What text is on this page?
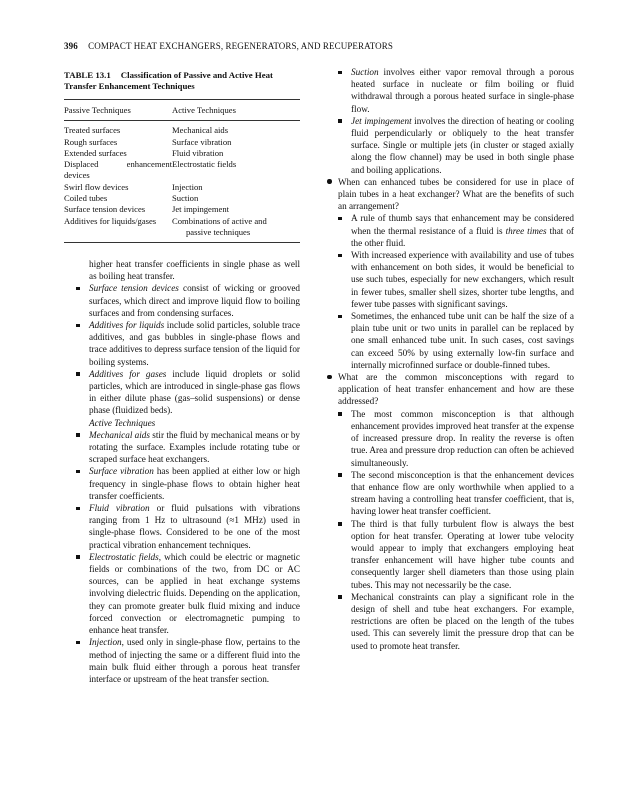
396 COMPACT HEAT EXCHANGERS, REGENERATORS, AND RECUPERATORS
TABLE 13.1 Classification of Passive and Active Heat
Transfer Enhancement Techniques
Passive Techniques	Active Techniques
Treated surfaces	Mechanical aids
Rough surfaces	Surface vibration
Extended surfaces	Fluid vibration
Displaced enhancement devices	Electrostatic fields
Swirl flow devices	Injection
Coiled tubes	Suction
Surface tension devices	Jet impingement
Additives for liquids/gases	Combinations of active and
passive techniques
higher heat transfer coefficients in single phase as well as boiling heat transfer.
Surface tension devices consist of wicking or grooved surfaces, which direct and improve liquid flow to boiling surfaces and from condensing surfaces.
Additives for liquids include solid particles, soluble trace additives, and gas bubbles in single-phase flows and trace additives to depress surface tension of the liquid for boiling systems.
Additives for gases include liquid droplets or solid particles, which are introduced in single-phase gas flows in either dilute phase (gas–solid suspensions) or dense phase (fluidized beds).
Active Techniques
Mechanical aids stir the fluid by mechanical means or by rotating the surface. Examples include rotating tube or scraped surface heat exchangers.
Surface vibration has been applied at either low or high frequency in single-phase flows to obtain higher heat transfer coefficients.
Fluid vibration or fluid pulsations with vibrations ranging from 1 Hz to ultrasound (≈1 MHz) used in single-phase flows. Considered to be one of the most practical vibration enhancement techniques.
Electrostatic fields, which could be electric or magnetic fields or combinations of the two, from DC or AC sources, can be applied in heat exchange systems involving dielectric fluids. Depending on the application, they can promote greater bulk fluid mixing and induce forced convection or electromagnetic pumping to enhance heat transfer.
Injection, used only in single-phase flow, pertains to the method of injecting the same or a different fluid into the main bulk fluid either through a porous heat transfer interface or upstream of the heat transfer section.
Suction involves either vapor removal through a porous heated surface in nucleate or film boiling or fluid withdrawal through a porous heated surface in single-phase flow.
Jet impingement involves the direction of heating or cooling fluid perpendicularly or obliquely to the heat transfer surface. Single or multiple jets (in cluster or staged axially along the flow channel) may be used in both single phase and boiling applications.
When can enhanced tubes be considered for use in place of plain tubes in a heat exchanger? What are the benefits of such an arrangement?
A rule of thumb says that enhancement may be considered when the thermal resistance of a fluid is three times that of the other fluid.
With increased experience with availability and use of tubes with enhancement on both sides, it would be beneficial to use such tubes, especially for new exchangers, which result in fewer tubes, smaller shell sizes, shorter tube lengths, and fewer tube passes with significant savings.
Sometimes, the enhanced tube unit can be half the size of a plain tube unit or two units in parallel can be replaced by one small enhanced tube unit. In such cases, cost savings can exceed 50% by using externally low-fin surface and internally microfinned surface or double-finned tubes.
What are the common misconceptions with regard to application of heat transfer enhancement and how are these addressed?
The most common misconception is that although enhancement provides improved heat transfer at the expense of increased pressure drop. In reality the reverse is often true. Area and pressure drop reduction can often be achieved simultaneously.
The second misconception is that the enhancement devices that enhance flow are only worthwhile when applied to a stream having a controlling heat transfer coefficient, that is, having lower heat transfer coefficient.
The third is that fully turbulent flow is always the best option for heat transfer. Operating at lower tube velocity would appear to imply that exchangers employing heat transfer enhancement will have higher tube counts and consequently larger shell diameters than those using plain tubes. This may not necessarily be the case.
Mechanical constraints can play a significant role in the design of shell and tube heat exchangers. For example, restrictions are often be placed on the length of the tubes used. This can severely limit the pressure drop that can be used to promote heat transfer.
